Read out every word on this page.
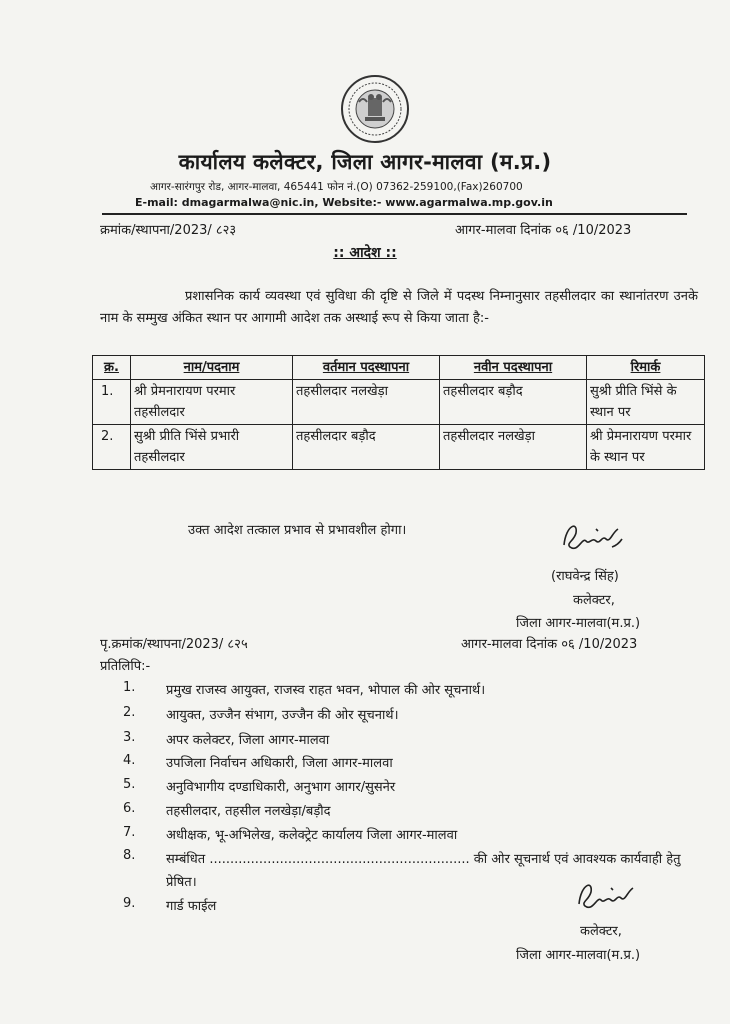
कार्यालय कलेक्टर, जिला आगर-मालवा (म.प्र.)
आगर-सारंगपुर रोड, आगर-मालवा, 465441 फोन नं.(O) 07362-259100,(Fax)260700
E-mail: dmagarmalwa@nic.in, Website:- www.agarmalwa.mp.gov.in
क्रमांक/स्थापना/2023/ ८२३	आगर-मालवा दिनांक ०६ /10/2023
:: आदेश ::

प्रशासनिक कार्य व्यवस्था एवं सुविधा की दृष्टि से जिले में पदस्थ निम्नानुसार तहसीलदार का स्थानांतरण उनके नाम के सम्मुख अंकित स्थान पर आगामी आदेश तक अस्थाई रूप से किया जाता है:-

क्र.	नाम/पदनाम	वर्तमान पदस्थापना	नवीन पदस्थापना	रिमार्क
1.	श्री प्रेमनारायण परमार तहसीलदार	तहसीलदार नलखेड़ा	तहसीलदार बड़ौद	सुश्री प्रीति भिंसे के स्थान पर
2.	सुश्री प्रीति भिंसे प्रभारी तहसीलदार	तहसीलदार बड़ौद	तहसीलदार नलखेड़ा	श्री प्रेमनारायण परमार के स्थान पर
उक्त आदेश तत्काल प्रभाव से प्रभावशील होगा।
(राघवेन्द्र सिंह)
कलेक्टर,
जिला आगर-मालवा(म.प्र.)
पृ.क्रमांक/स्थापना/2023/ ८२५	आगर-मालवा दिनांक ०६ /10/2023
प्रतिलिपि:-
1. प्रमुख राजस्व आयुक्त, राजस्व राहत भवन, भोपाल की ओर सूचनार्थ।
2. आयुक्त, उज्जैन संभाग, उज्जैन की ओर सूचनार्थ।
3. अपर कलेक्टर, जिला आगर-मालवा
4. उपजिला निर्वाचन अधिकारी, जिला आगर-मालवा
5. अनुविभागीय दण्डाधिकारी, अनुभाग आगर/सुसनेर
6. तहसीलदार, तहसील नलखेड़ा/बड़ौद
7. अधीक्षक, भू-अभिलेख, कलेक्ट्रेट कार्यालय जिला आगर-मालवा
8. सम्बंधित ............................................................... की ओर सूचनार्थ एवं आवश्यक कार्यवाही हेतु प्रेषित।
9. गार्ड फाईल
कलेक्टर,
जिला आगर-मालवा(म.प्र.)
